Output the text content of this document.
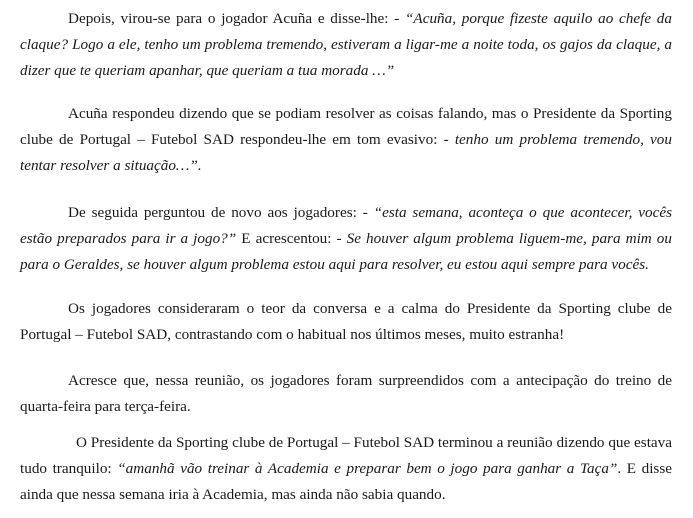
Depois, virou-se para o jogador Acuña e disse-lhe: - “Acuña, porque fizeste aquilo ao chefe da claque? Logo a ele, tenho um problema tremendo, estiveram a ligar-me a noite toda, os gajos da claque, a dizer que te queriam apanhar, que queriam a tua morada …”

Acuña respondeu dizendo que se podiam resolver as coisas falando, mas o Presidente da Sporting clube de Portugal – Futebol SAD respondeu-lhe em tom evasivo: - tenho um problema tremendo, vou tentar resolver a situação…”.

De seguida perguntou de novo aos jogadores: - “esta semana, aconteça o que acontecer, vocês estão preparados para ir a jogo?” E acrescentou: - Se houver algum problema liguem-me, para mim ou para o Geraldes, se houver algum problema estou aqui para resolver, eu estou aqui sempre para vocês.

Os jogadores consideraram o teor da conversa e a calma do Presidente da Sporting clube de Portugal – Futebol SAD, contrastando com o habitual nos últimos meses, muito estranha!

Acresce que, nessa reunião, os jogadores foram surpreendidos com a antecipação do treino de quarta-feira para terça-feira.

O Presidente da Sporting clube de Portugal – Futebol SAD terminou a reunião dizendo que estava tudo tranquilo: “amanhã vão treinar à Academia e preparar bem o jogo para ganhar a Taça”. E disse ainda que nessa semana iria à Academia, mas ainda não sabia quando.
